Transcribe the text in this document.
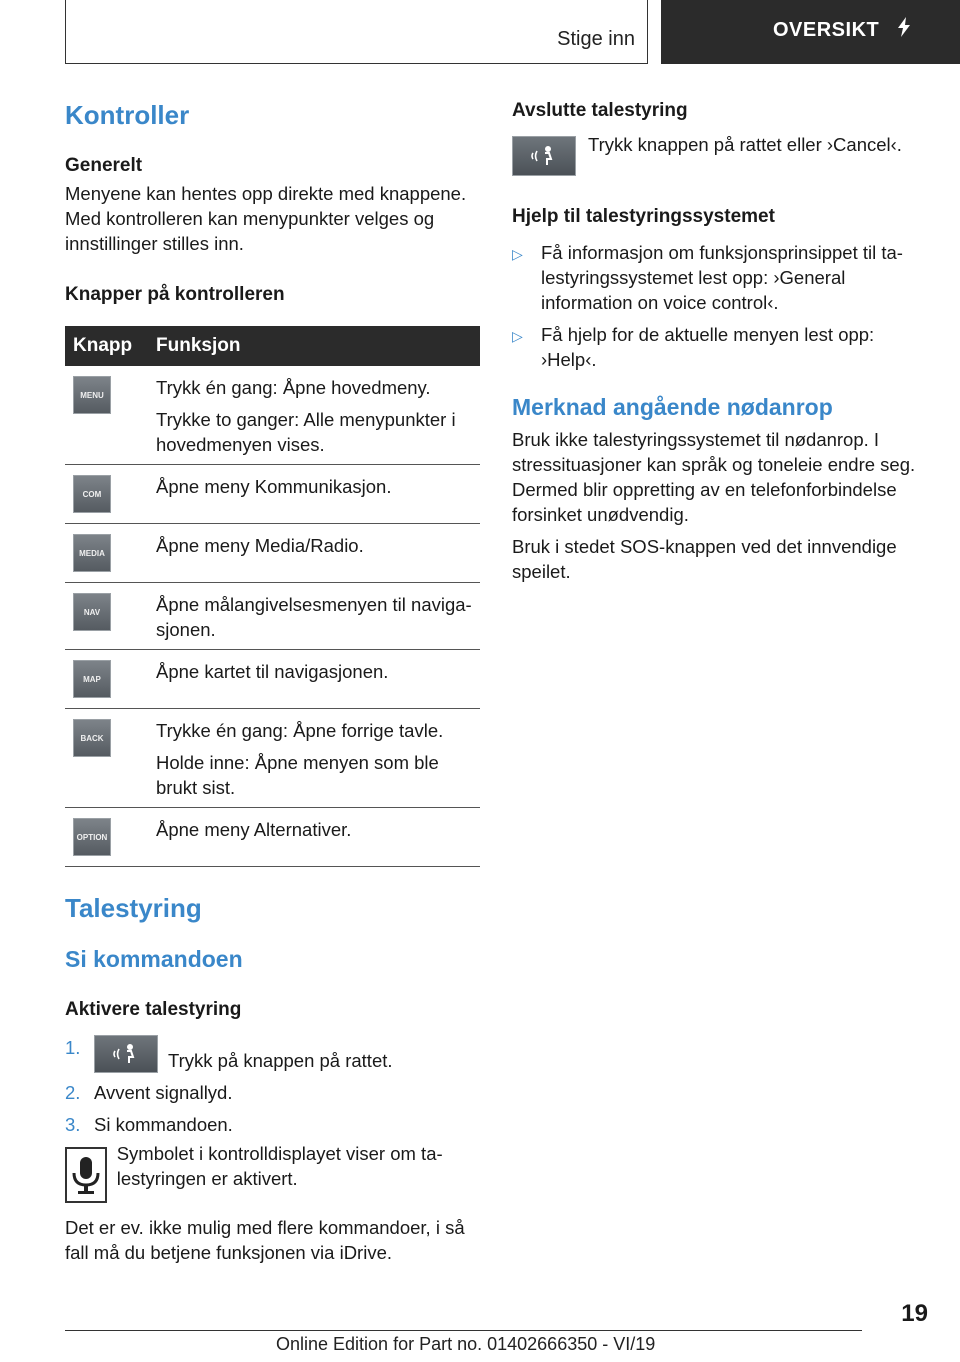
Stige inn	OVERSIKT
Kontroller
Generelt

Menyene kan hentes opp direkte med knappene. Med kontrolleren kan menypunkter velges og innstillinger stilles inn.

Knapper på kontrolleren
Knapp	Funksjon

MENU	Trykk én gang: Åpne hovedmeny.
Trykke to ganger: Alle menypunkter i hovedmenyen vises.

COM	Åpne meny Kommunikasjon.

MEDIA	Åpne meny Media/Radio.

NAV	Åpne målangivelsesmenyen til navigasjonen.

MAP	Åpne kartet til navigasjonen.

BACK	Trykke én gang: Åpne forrige tavle.
Holde inne: Åpne menyen som ble brukt sist.

OPTION	Åpne meny Alternativer.
Talestyring
Si kommandoen
Aktivere talestyring
1.
Trykk på knappen på rattet.
2. Avvent signallyd.
3. Si kommandoen.

Symbolet i kontrolldisplayet viser om talestyringen er aktivert.

Det er ev. ikke mulig med flere kommandoer, i så fall må du betjene funksjonen via iDrive.

Avslutte talestyring

Trykk knappen på rattet eller ›Cancel‹.

Hjelp til talestyringssystemet
▷ Få informasjon om funksjonsprinsippet til talestyringssystemet lest opp: ›General information on voice control‹.
▷ Få hjelp for de aktuelle menyen lest opp: ›Help‹.
Merknad angående nødanrop

Bruk ikke talestyringssystemet til nødanrop. I stressituasjoner kan språk og toneleie endre seg. Dermed blir oppretting av en telefonforbindelse forsinket unødvendig.

Bruk i stedet SOS-knappen ved det innvendige speilet.

19
Online Edition for Part no. 01402666350 - VI/19
